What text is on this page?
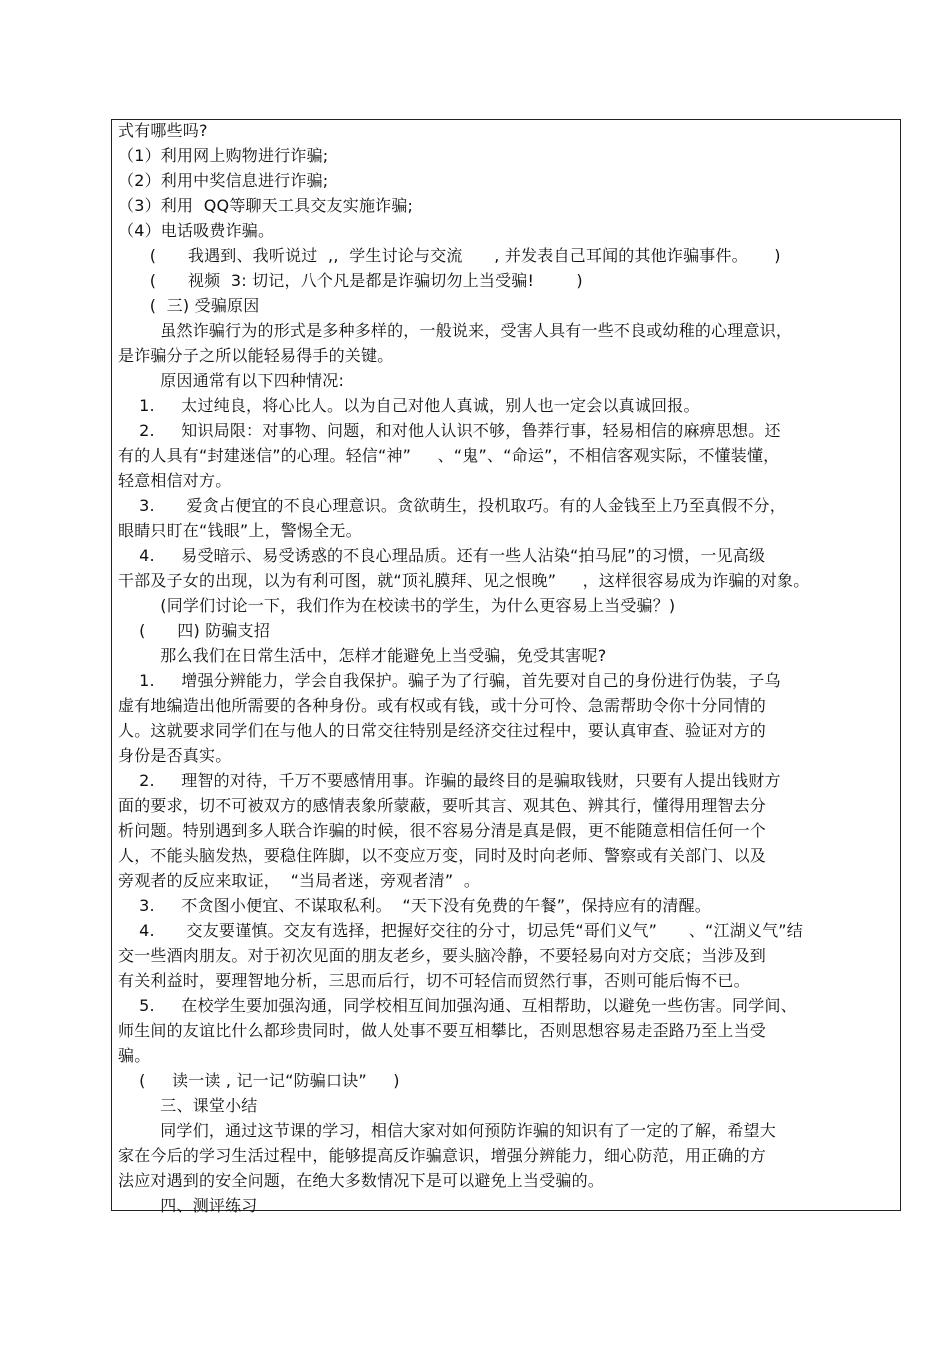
式有哪些吗?
（1）利用网上购物进行诈骗;
（2）利用中奖信息进行诈骗;
（3）利用  QQ等聊天工具交友实施诈骗;
（4）电话吸费诈骗。
(      我遇到、我听说过  ,,  学生讨论与交流      , 并发表自己耳闻的其他诈骗事件。     )
(      视频  3: 切记，八个凡是都是诈骗切勿上当受骗!        )
(  三) 受骗原因
虽然诈骗行为的形式是多种多样的，一般说来，受害人具有一些不良或幼稚的心理意识，
是诈骗分子之所以能轻易得手的关键。
原因通常有以下四种情况:
1.     太过纯良，将心比人。以为自己对他人真诚，别人也一定会以真诚回报。
2.     知识局限：对事物、问题，和对他人认识不够，鲁莽行事，轻易相信的麻痹思想。还
有的人具有“封建迷信”的心理。轻信“神”     、“鬼”、“命运”，不相信客观实际，不懂装懂，
轻意相信对方。
3.      爱贪占便宜的不良心理意识。贪欲萌生，投机取巧。有的人金钱至上乃至真假不分，
眼睛只盯在“钱眼”上，警惕全无。
4.     易受暗示、易受诱惑的不良心理品质。还有一些人沾染“拍马屁”的习惯，一见高级
干部及子女的出现，以为有利可图，就“顶礼膜拜、见之恨晚”     ，这样很容易成为诈骗的对象。
(同学们讨论一下，我们作为在校读书的学生，为什么更容易上当受骗？)
(      四) 防骗支招
那么我们在日常生活中，怎样才能避免上当受骗，免受其害呢?
1.     增强分辨能力，学会自我保护。骗子为了行骗，首先要对自己的身份进行伪装，子乌
虚有地编造出他所需要的各种身份。或有权或有钱，或十分可怜、急需帮助令你十分同情的
人。这就要求同学们在与他人的日常交往特别是经济交往过程中，要认真审查、验证对方的
身份是否真实。
2.     理智的对待，千万不要感情用事。诈骗的最终目的是骗取钱财，只要有人提出钱财方
面的要求，切不可被双方的感情表象所蒙蔽，要听其言、观其色、辨其行，懂得用理智去分
析问题。特别遇到多人联合诈骗的时候，很不容易分清是真是假，更不能随意相信任何一个
人，不能头脑发热，要稳住阵脚，以不变应万变，同时及时向老师、警察或有关部门、以及
旁观者的反应来取证，  “当局者迷，旁观者清”  。
3.     不贪图小便宜、不谋取私利。  “天下没有免费的午餐”，保持应有的清醒。
4.      交友要谨慎。交友有选择，把握好交往的分寸，切忌凭“哥们义气”      、“江湖义气”结
交一些酒肉朋友。对于初次见面的朋友老乡，要头脑冷静，不要轻易向对方交底；当涉及到
有关利益时，要理智地分析，三思而后行，切不可轻信而贸然行事，否则可能后悔不已。
5.     在校学生要加强沟通，同学校相互间加强沟通、互相帮助，以避免一些伤害。同学间、
师生间的友谊比什么都珍贵同时，做人处事不要互相攀比，否则思想容易走歪路乃至上当受
骗。
(     读一读 , 记一记“防骗口诀”     )
三、课堂小结
同学们，通过这节课的学习，相信大家对如何预防诈骗的知识有了一定的了解，希望大
家在今后的学习生活过程中，能够提高反诈骗意识，增强分辨能力，细心防范，用正确的方
法应对遇到的安全问题，在绝大多数情况下是可以避免上当受骗的。
四、测评练习
